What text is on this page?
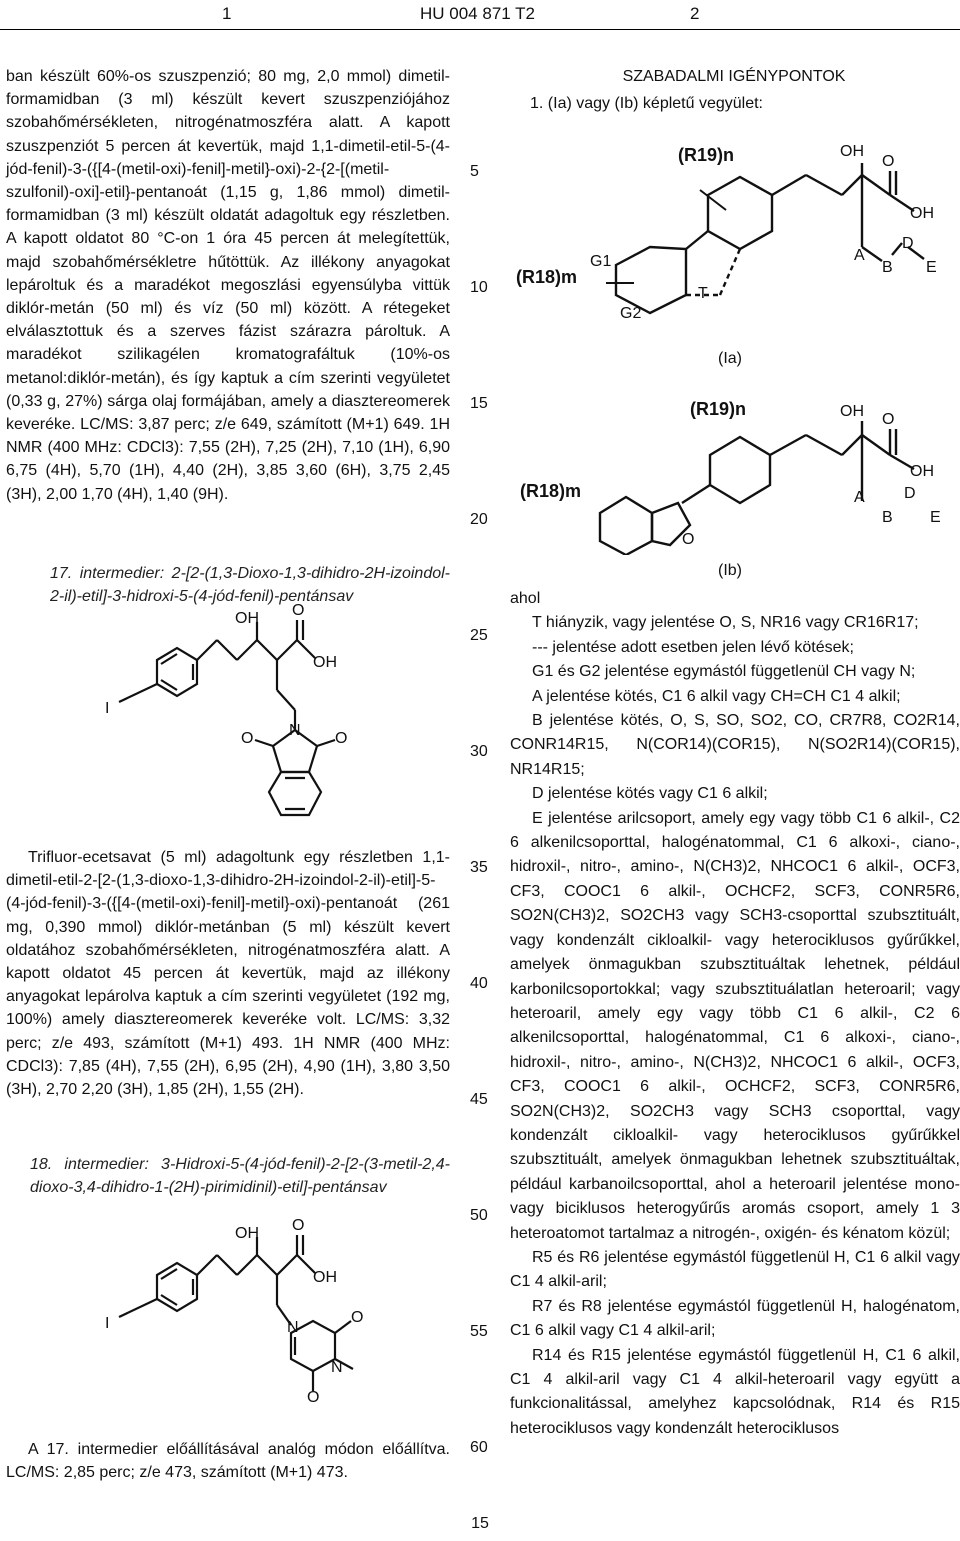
1	HU 004 871 T2	2

ban készült 60%-os szuszpenzió; 80 mg, 2,0 mmol) dimetil-formamidban (3 ml) készült kevert szuszpenziójához szobahőmérsékleten, nitrogénatmoszféra alatt. A kapott szuszpenziót 5 percen át kevertük, majd 1,1-dimetil-etil-5-(4-jód-fenil)-3-({[4-(metil-oxi)-fenil]-metil}-oxi)-2-{2-[(metil-szulfonil)-oxi]-etil}-pentanoát (1,15 g, 1,86 mmol) dimetil-formamidban (3 ml) készült oldatát adagoltuk egy részletben. A kapott oldatot 80 °C-on 1 óra 45 percen át melegítettük, majd szobahőmérsékletre hűtöttük. Az illékony anyagokat lepároltuk és a maradékot megoszlási egyensúlyba vittük diklór-metán (50 ml) és víz (50 ml) között. A rétegeket elválasztottuk és a szerves fázist szárazra pároltuk. A maradékot szilikagélen kromatografáltuk (10%-os metanol:diklór-metán), és így kaptuk a cím szerinti vegyületet (0,33 g, 27%) sárga olaj formájában, amely a diasztereomerek keveréke. LC/MS: 3,87 perc; z/e 649, számított (M+1) 649. 1H NMR (400 MHz: CDCl3): 7,55 (2H), 7,25 (2H), 7,10 (1H), 6,90 6,75 (4H), 5,70 (1H), 4,40 (2H), 3,85 3,60 (6H), 3,75 2,45 (3H), 2,00 1,70 (4H), 1,40 (9H).

17. intermedier: 2-[2-(1,3-Dioxo-1,3-dihidro-2H-izoindol-2-il)-etil]-3-hidroxi-5-(4-jód-fenil)-pentánsav

OH O
OH
I
N
O	O

Trifluor-ecetsavat (5 ml) adagoltunk egy részletben 1,1-dimetil-etil-2-[2-(1,3-dioxo-1,3-dihidro-2H-izoindol-2-il)-etil]-5-(4-jód-fenil)-3-({[4-(metil-oxi)-fenil]-metil}-oxi)-pentanoát (261 mg, 0,390 mmol) diklór-metánban (5 ml) készült kevert oldatához szobahőmérsékleten, nitrogénatmoszféra alatt. A kapott oldatot 45 percen át kevertük, majd az illékony anyagokat lepárolva kaptuk a cím szerinti vegyületet (192 mg, 100%) amely diasztereomerek keveréke volt. LC/MS: 3,32 perc; z/e 493, számított (M+1) 493. 1H NMR (400 MHz: CDCl3): 7,85 (4H), 7,55 (2H), 6,95 (2H), 4,90 (1H), 3,80 3,50 (3H), 2,70 2,20 (3H), 1,85 (2H), 1,55 (2H).

18. intermedier: 3-Hidroxi-5-(4-jód-fenil)-2-[2-(3-metil-2,4-dioxo-3,4-dihidro-1-(2H)-pirimidinil)-etil]-pentánsav

OH O
OH
I	N
O
N
O

A 17. intermedier előállításával analóg módon előállítva. LC/MS: 2,85 perc; z/e 473, számított (M+1) 473.

5
10
15
20
25
30
35
40
45
50
55
60

SZABADALMI IGÉNYPONTOK

1. (Ia) vagy (Ib) képletű vegyület:

(R19)n	OH
O
OH
A
B
D
E
(R18)m
G1
G2
T
(Ia)
(R19)n	OH O
OH
A
B
D
E
(R18)m
O
(Ib)

ahol

T hiányzik, vagy jelentése O, S, NR16 vagy CR16R17;

--- jelentése adott esetben jelen lévő kötések;

G1 és G2 jelentése egymástól függetlenül CH vagy N;

A jelentése kötés, C1 6 alkil vagy CH=CH C1 4 alkil;

B jelentése kötés, O, S, SO, SO2, CO, CR7R8, CO2R14, CONR14R15, N(COR14)(COR15), N(SO2R14)(COR15), NR14R15;

D jelentése kötés vagy C1 6 alkil;

E jelentése arilcsoport, amely egy vagy több C1 6 alkil-, C2 6 alkenilcsoporttal, halogénatommal, C1 6 alkoxi-, ciano-, hidroxil-, nitro-, amino-, N(CH3)2, NHCOC1 6 alkil-, OCF3, CF3, COOC1 6 alkil-, OCHCF2, SCF3, CONR5R6, SO2N(CH3)2, SO2CH3 vagy SCH3-csoporttal szubsztituált, vagy kondenzált cikloalkil- vagy heterociklusos gyűrűkkel, amelyek önmagukban szubsztituáltak lehetnek, például karbonilcsoportokkal; vagy szubsztituálatlan heteroaril; vagy heteroaril, amely egy vagy több C1 6 alkil-, C2 6 alkenilcsoporttal, halogénatommal, C1 6 alkoxi-, ciano-, hidroxil-, nitro-, amino-, N(CH3)2, NHCOC1 6 alkil-, OCF3, CF3, COOC1 6 alkil-, OCHCF2, SCF3, CONR5R6, SO2N(CH3)2, SO2CH3 vagy SCH3 csoporttal, vagy kondenzált cikloalkil- vagy heterociklusos gyűrűkkel szubsztituált, amelyek önmagukban lehetnek szubsztituáltak, például karbanoilcsoporttal, ahol a heteroaril jelentése mono- vagy biciklusos heterogyűrűs aromás csoport, amely 1 3 heteroatomot tartalmaz a nitrogén-, oxigén- és kénatom közül;

R5 és R6 jelentése egymástól függetlenül H, C1 6 alkil vagy C1 4 alkil-aril;

R7 és R8 jelentése egymástól függetlenül H, halogénatom, C1 6 alkil vagy C1 4 alkil-aril;

R14 és R15 jelentése egymástól függetlenül H, C1 6 alkil, C1 4 alkil-aril vagy C1 4 alkil-heteroaril vagy együtt a funkcionalitással, amelyhez kapcsolódnak, R14 és R15 heterociklusos vagy kondenzált heterociklusos

15
